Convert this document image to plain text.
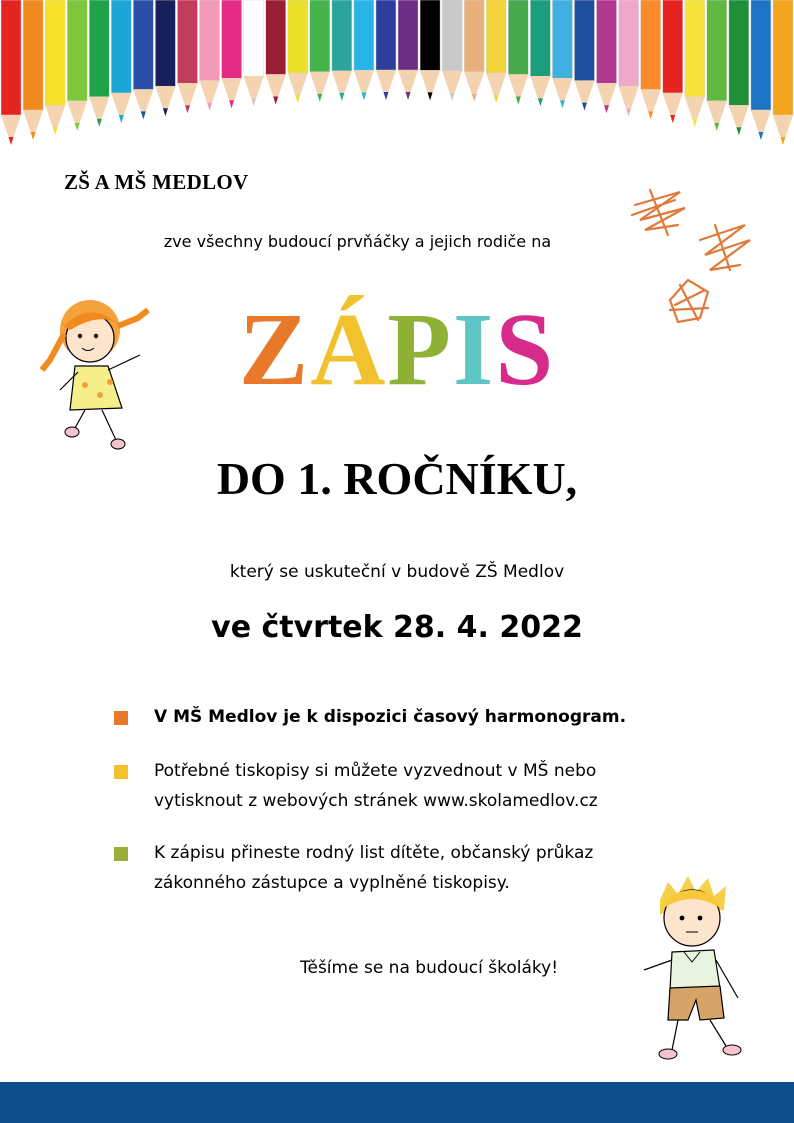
ZŠ A MŠ MEDLOV
zve všechny budoucí prvňáčky a jejich rodiče na
ZÁPIS
DO 1. ROČNÍKU,
který se uskuteční v budově ZŠ Medlov
ve čtvrtek 28. 4. 2022
V MŠ Medlov je k dispozici časový harmonogram.
Potřebné tiskopisy si můžete vyzvednout v MŠ nebo vytisknout z webových stránek www.skolamedlov.cz
K zápisu přineste rodný list dítěte, občanský průkaz zákonného zástupce a vyplněné tiskopisy.
Těšíme se na budoucí školáky!
